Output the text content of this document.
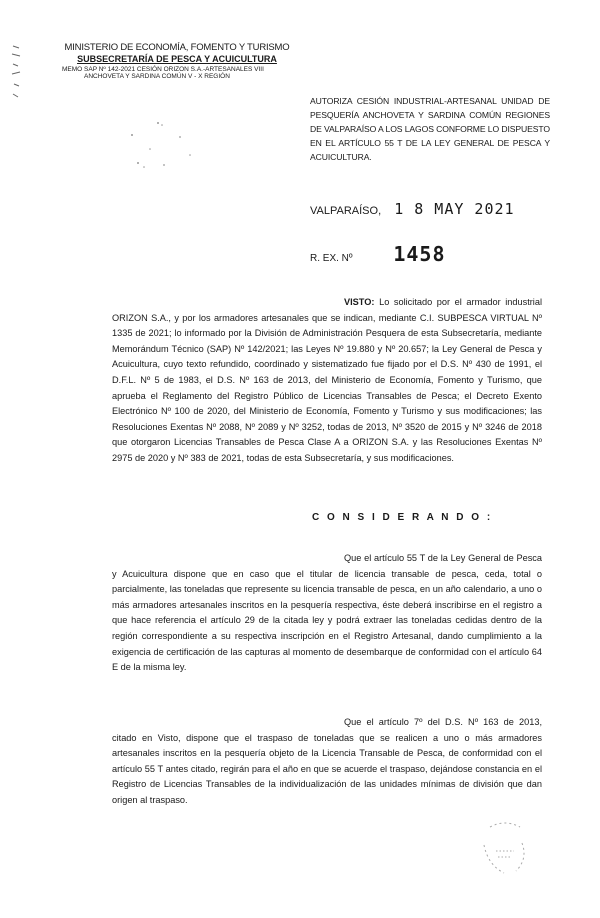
MINISTERIO DE ECONOMÍA, FOMENTO Y TURISMO
SUBSECRETARÍA DE PESCA Y ACUICULTURA
MEMO SAP Nº 142-2021 CESIÓN ORIZON S.A.-ARTESANALES VIII
ANCHOVETA Y SARDINA COMÚN V - X REGIÓN
AUTORIZA CESIÓN INDUSTRIAL-ARTESANAL UNIDAD DE PESQUERÍA ANCHOVETA Y SARDINA COMÚN REGIONES DE VALPARAÍSO A LOS LAGOS CONFORME LO DISPUESTO EN EL ARTÍCULO 55 T DE LA LEY GENERAL DE PESCA Y ACUICULTURA.
VALPARAÍSO, 1 8 MAY 2021
R. EX. Nº 1458
VISTO: Lo solicitado por el armador industrial ORIZON S.A., y por los armadores artesanales que se indican, mediante C.I. SUBPESCA VIRTUAL Nº 1335 de 2021; lo informado por la División de Administración Pesquera de esta Subsecretaría, mediante Memorándum Técnico (SAP) Nº 142/2021; las Leyes Nº 19.880 y Nº 20.657; la Ley General de Pesca y Acuicultura, cuyo texto refundido, coordinado y sistematizado fue fijado por el D.S. Nº 430 de 1991, el D.F.L. Nº 5 de 1983, el D.S. Nº 163 de 2013, del Ministerio de Economía, Fomento y Turismo, que aprueba el Reglamento del Registro Público de Licencias Transables de Pesca; el Decreto Exento Electrónico Nº 100 de 2020, del Ministerio de Economía, Fomento y Turismo y sus modificaciones; las Resoluciones Exentas Nº 2088, Nº 2089 y Nº 3252, todas de 2013, Nº 3520 de 2015 y Nº 3246 de 2018 que otorgaron Licencias Transables de Pesca Clase A a ORIZON S.A. y las Resoluciones Exentas Nº 2975 de 2020 y Nº 383 de 2021, todas de esta Subsecretaría, y sus modificaciones.
C O N S I D E R A N D O :
Que el artículo 55 T de la Ley General de Pesca y Acuicultura dispone que en caso que el titular de licencia transable de pesca, ceda, total o parcialmente, las toneladas que represente su licencia transable de pesca, en un año calendario, a uno o más armadores artesanales inscritos en la pesquería respectiva, éste deberá inscribirse en el registro a que hace referencia el artículo 29 de la citada ley y podrá extraer las toneladas cedidas dentro de la región correspondiente a su respectiva inscripción en el Registro Artesanal, dando cumplimiento a la exigencia de certificación de las capturas al momento de desembarque de conformidad con el artículo 64 E de la misma ley.
Que el artículo 7º del D.S. Nº 163 de 2013, citado en Visto, dispone que el traspaso de toneladas que se realicen a uno o más armadores artesanales inscritos en la pesquería objeto de la Licencia Transable de Pesca, de conformidad con el artículo 55 T antes citado, regirán para el año en que se acuerde el traspaso, dejándose constancia en el Registro de Licencias Transables de la individualización de las unidades mínimas de división que dan origen al traspaso.
